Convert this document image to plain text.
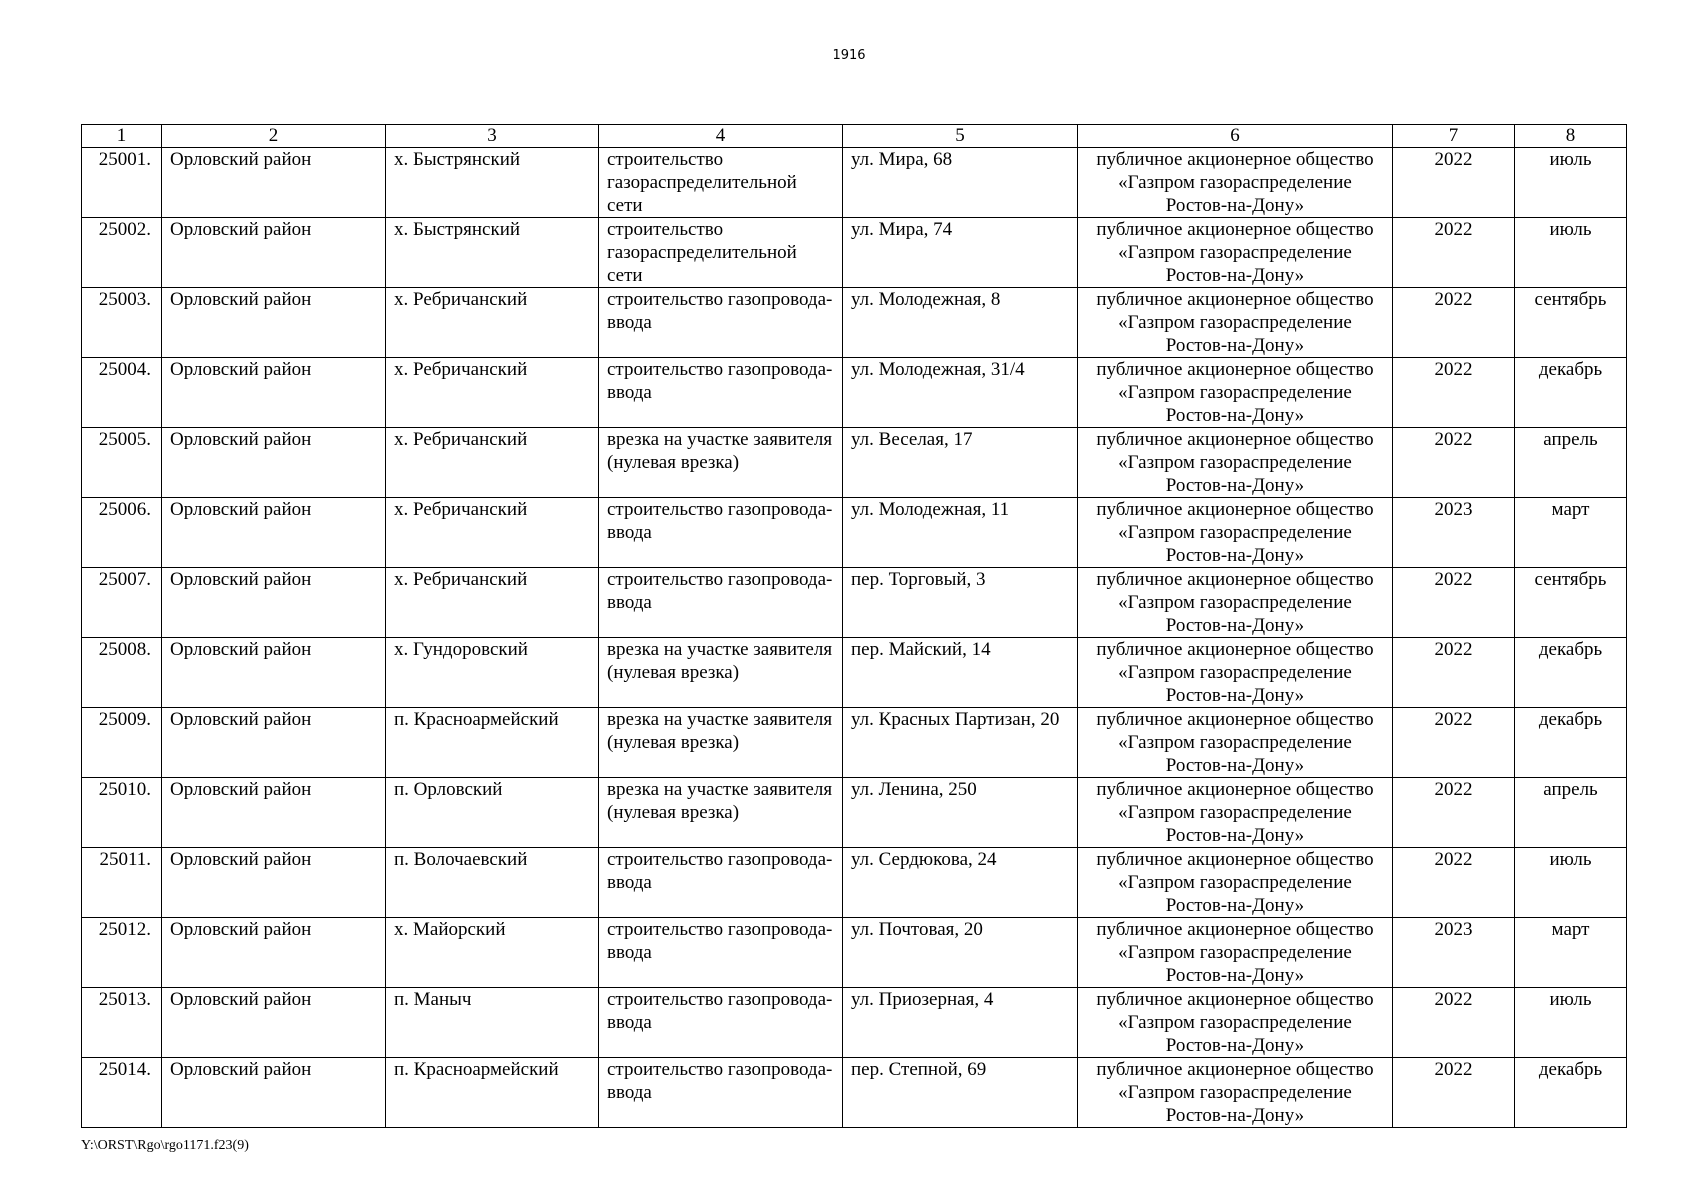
1916
1	2	3	4	5	6	7	8
25001.	Орловский район	х. Быстрянский	строительство газораспределительной сети	ул. Мира, 68	публичное акционерное общество «Газпром газораспределение Ростов-на-Дону»	2022	июль
25002.	Орловский район	х. Быстрянский	строительство газораспределительной сети	ул. Мира, 74	публичное акционерное общество «Газпром газораспределение Ростов-на-Дону»	2022	июль
25003.	Орловский район	х. Ребричанский	строительство газопровода-ввода	ул. Молодежная, 8	публичное акционерное общество «Газпром газораспределение Ростов-на-Дону»	2022	сентябрь
25004.	Орловский район	х. Ребричанский	строительство газопровода-ввода	ул. Молодежная, 31/4	публичное акционерное общество «Газпром газораспределение Ростов-на-Дону»	2022	декабрь
25005.	Орловский район	х. Ребричанский	врезка на участке заявителя (нулевая врезка)	ул. Веселая, 17	публичное акционерное общество «Газпром газораспределение Ростов-на-Дону»	2022	апрель
25006.	Орловский район	х. Ребричанский	строительство газопровода-ввода	ул. Молодежная, 11	публичное акционерное общество «Газпром газораспределение Ростов-на-Дону»	2023	март
25007.	Орловский район	х. Ребричанский	строительство газопровода-ввода	пер. Торговый, 3	публичное акционерное общество «Газпром газораспределение Ростов-на-Дону»	2022	сентябрь
25008.	Орловский район	х. Гундоровский	врезка на участке заявителя (нулевая врезка)	пер. Майский, 14	публичное акционерное общество «Газпром газораспределение Ростов-на-Дону»	2022	декабрь
25009.	Орловский район	п. Красноармейский	врезка на участке заявителя (нулевая врезка)	ул. Красных Партизан, 20	публичное акционерное общество «Газпром газораспределение Ростов-на-Дону»	2022	декабрь
25010.	Орловский район	п. Орловский	врезка на участке заявителя (нулевая врезка)	ул. Ленина, 250	публичное акционерное общество «Газпром газораспределение Ростов-на-Дону»	2022	апрель
25011.	Орловский район	п. Волочаевский	строительство газопровода-ввода	ул. Сердюкова, 24	публичное акционерное общество «Газпром газораспределение Ростов-на-Дону»	2022	июль
25012.	Орловский район	х. Майорский	строительство газопровода-ввода	ул. Почтовая, 20	публичное акционерное общество «Газпром газораспределение Ростов-на-Дону»	2023	март
25013.	Орловский район	п. Маныч	строительство газопровода-ввода	ул. Приозерная, 4	публичное акционерное общество «Газпром газораспределение Ростов-на-Дону»	2022	июль
25014.	Орловский район	п. Красноармейский	строительство газопровода-ввода	пер. Степной, 69	публичное акционерное общество «Газпром газораспределение Ростов-на-Дону»	2022	декабрь
Y:\ORST\Rgo\rgo1171.f23(9)
